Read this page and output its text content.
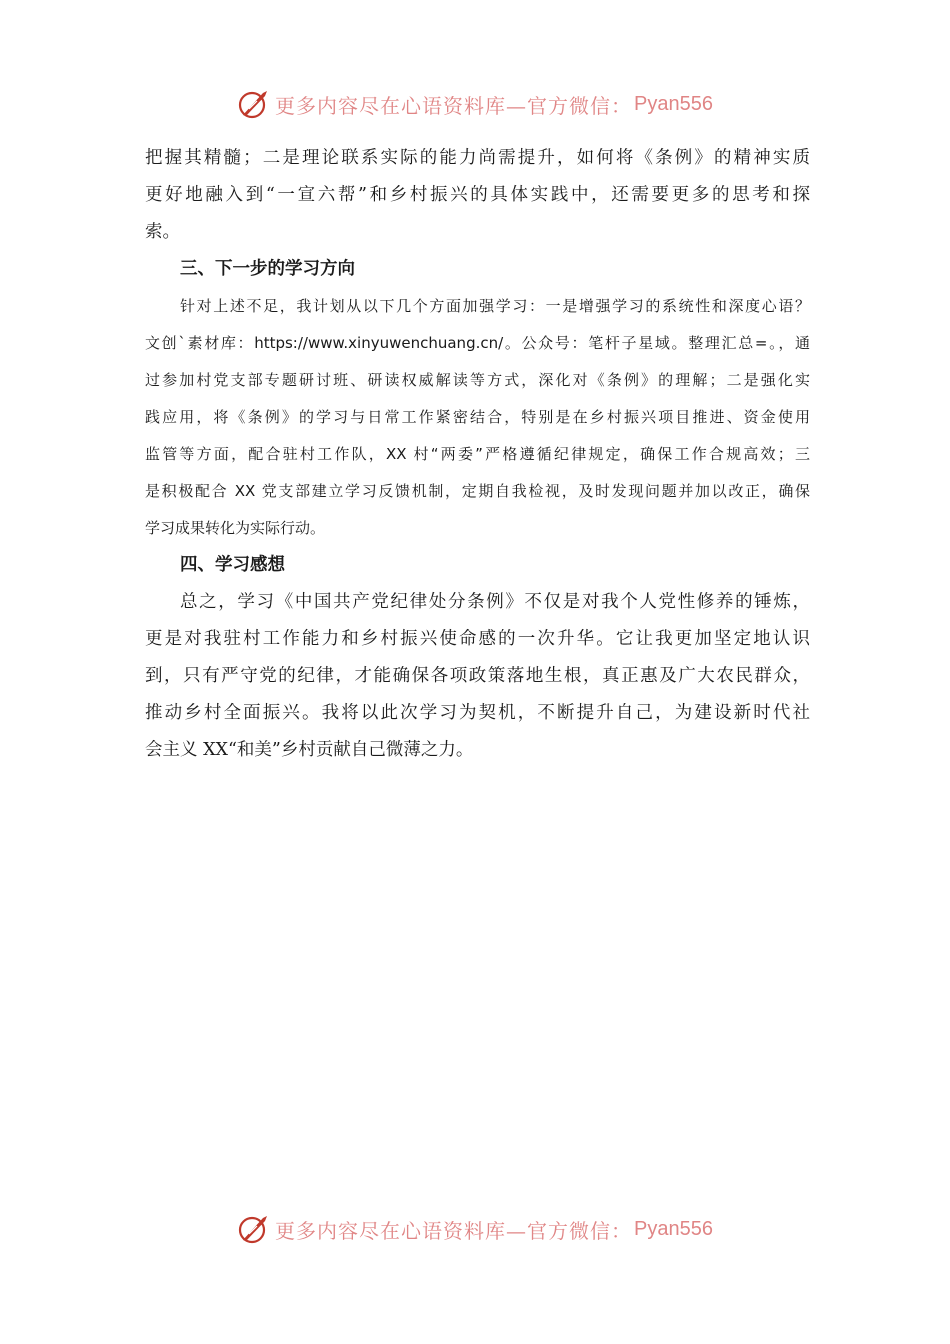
更多内容尽在心语资料库—官方微信： Pyan556
把握其精髓；二是理论联系实际的能力尚需提升，如何将《条例》的精神实质
更好地融入到“一宣六帮”和乡村振兴的具体实践中，还需要更多的思考和探
索。
三、下一步的学习方向
针对上述不足，我计划从以下几个方面加强学习：一是增强学习的系统性和深度心语？
文创`素材库：https://www.xinyuwenchuang.cn/。公众号：笔杆子星域。整理汇总=。，通
过参加村党支部专题研讨班、研读权威解读等方式，深化对《条例》的理解；二是强化实
践应用，将《条例》的学习与日常工作紧密结合，特别是在乡村振兴项目推进、资金使用
监管等方面，配合驻村工作队，XX 村“两委”严格遵循纪律规定，确保工作合规高效；三
是积极配合 XX 党支部建立学习反馈机制，定期自我检视，及时发现问题并加以改正，确保
学习成果转化为实际行动。
四、学习感想
总之，学习《中国共产党纪律处分条例》不仅是对我个人党性修养的锤炼，
更是对我驻村工作能力和乡村振兴使命感的一次升华。它让我更加坚定地认识
到，只有严守党的纪律，才能确保各项政策落地生根，真正惠及广大农民群众，
推动乡村全面振兴。我将以此次学习为契机，不断提升自己，为建设新时代社
会主义 XX“和美”乡村贡献自己微薄之力。
更多内容尽在心语资料库—官方微信： Pyan556
